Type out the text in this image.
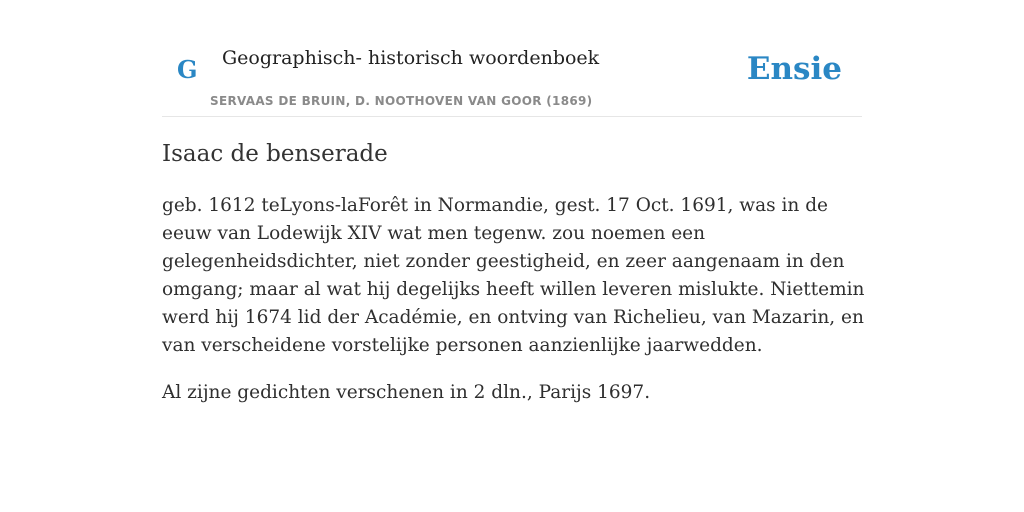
G Geographisch- historisch woordenboek
SERVAAS DE BRUIN, D. NOOTHOVEN VAN GOOR (1869)
Ensie
Isaac de benserade

geb. 1612 teLyons-laForêt in Normandie, gest. 17 Oct. 1691, was in de eeuw van Lodewijk XIV wat men tegenw. zou noemen een gelegenheidsdichter, niet zonder geestigheid, en zeer aangenaam in den omgang; maar al wat hij degelijks heeft willen leveren mislukte. Niettemin werd hij 1674 lid der Académie, en ontving van Richelieu, van Mazarin, en van verscheidene vorstelijke personen aanzienlijke jaarwedden.

Al zijne gedichten verschenen in 2 dln., Parijs 1697.
